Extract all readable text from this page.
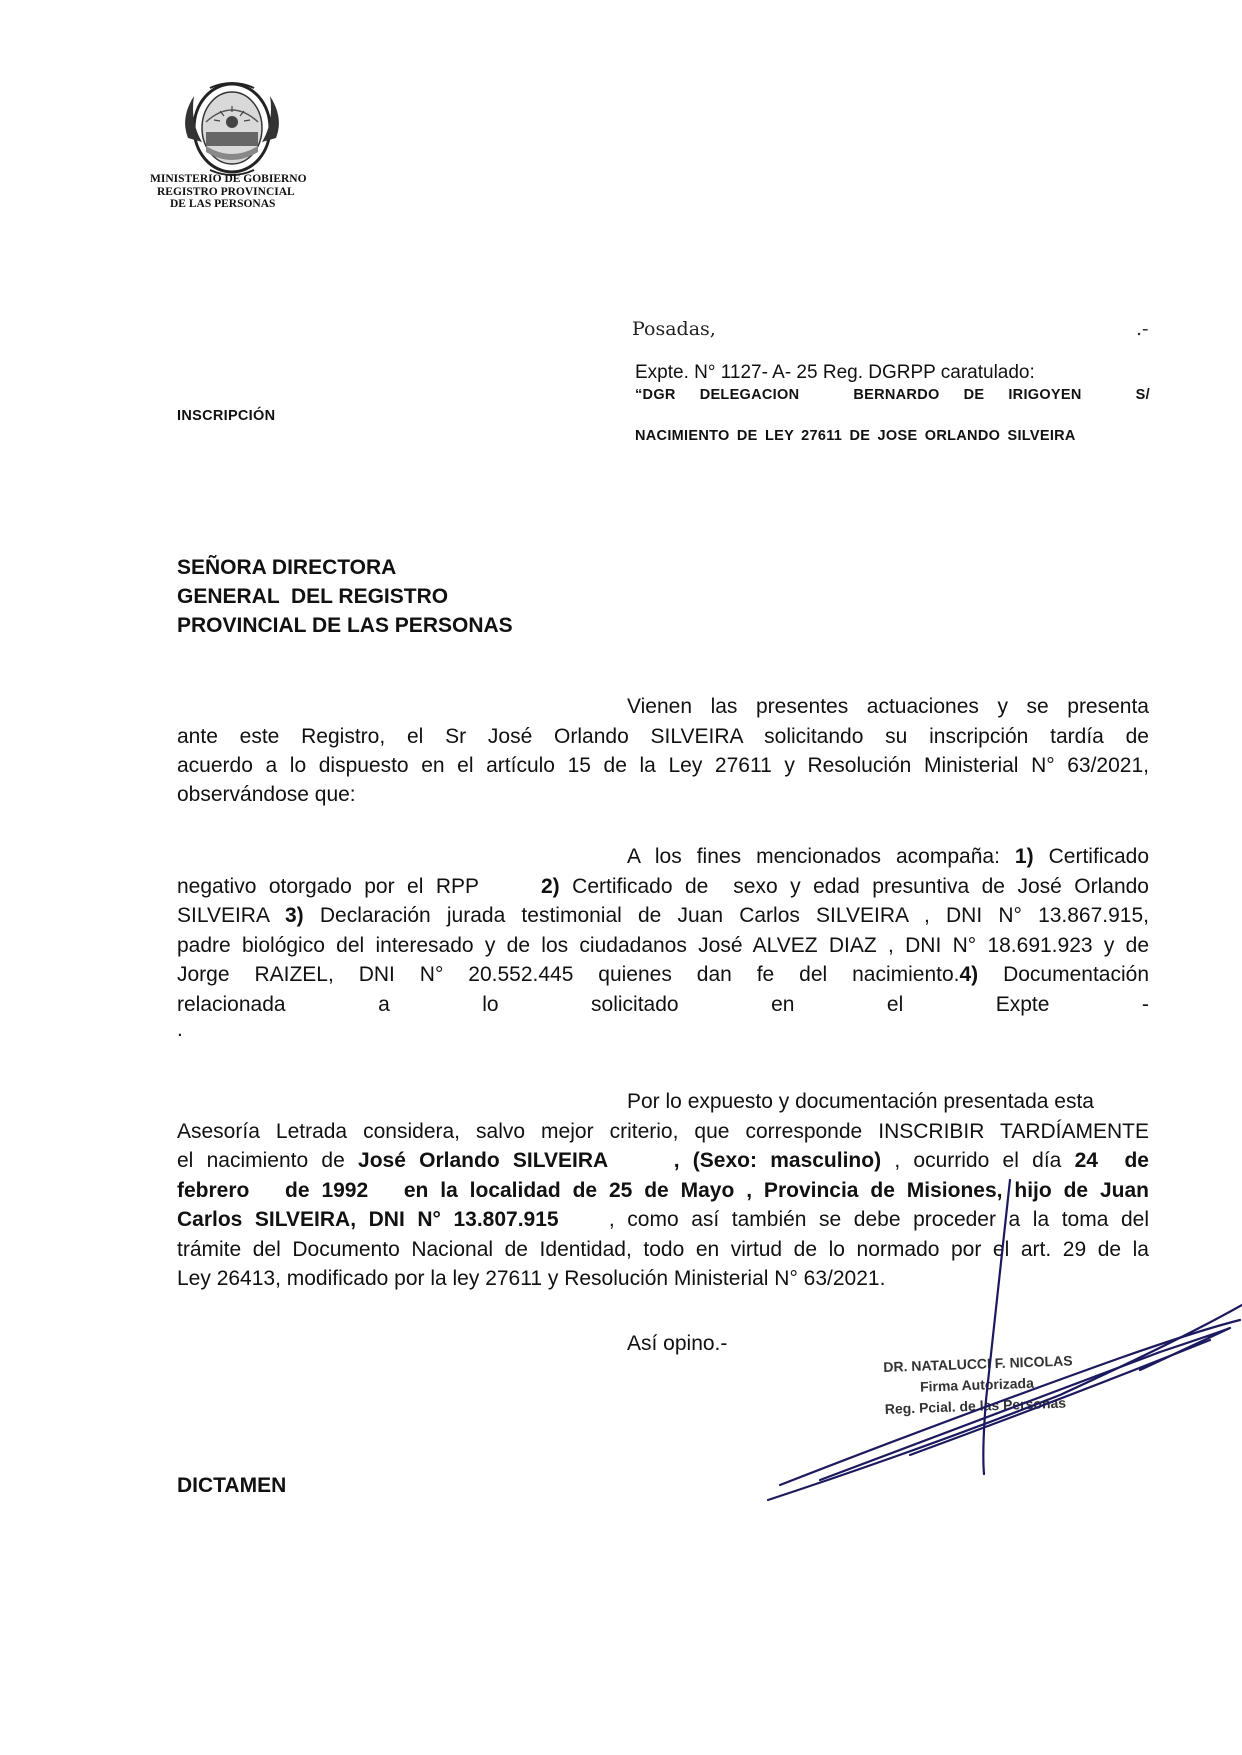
MINISTERIO DE GOBIERNO
REGISTRO PROVINCIAL
DE LAS PERSONAS
Posadas,	.-
Expte. N° 1127- A- 25 Reg. DGRPP caratulado:
“DGR DELEGACION	BERNARDO DE IRIGOYEN	S/
NACIMIENTO DE LEY 27611 DE JOSE ORLANDO SILVEIRA
INSCRIPCIÓN
SEÑORA DIRECTORA
GENERAL  DEL REGISTRO
PROVINCIAL DE LAS PERSONAS
Vienen las presentes actuaciones y se presenta
ante este Registro, el Sr José Orlando SILVEIRA solicitando su inscripción tardía de
acuerdo a lo dispuesto en el artículo 15 de la Ley 27611 y Resolución Ministerial N° 63/2021,
observándose que:
A los fines mencionados acompaña: 1) Certificado
negativo otorgado por el RPP     2) Certificado de  sexo y edad presuntiva de José Orlando
SILVEIRA 3) Declaración jurada testimonial de Juan Carlos SILVEIRA , DNI N° 13.867.915,
padre biológico del interesado y de los ciudadanos José ALVEZ DIAZ , DNI N° 18.691.923 y de
Jorge  RAIZEL,  DNI  N°  20.552.445  quienes  dan  fe  del  nacimiento.4)  Documentación
relacionada	a	lo	solicitado	en	el	Expte	-
.
Por lo expuesto y documentación presentada esta
Asesoría Letrada considera, salvo mejor criterio, que corresponde INSCRIBIR TARDÍAMENTE
el nacimiento de José Orlando SILVEIRA     , (Sexo: masculino) , ocurrido el día 24  de
febrero   de 1992   en la localidad de 25 de Mayo , Provincia de Misiones, hijo de Juan
Carlos SILVEIRA, DNI N° 13.807.915    , como así también se debe proceder a la toma del
trámite del Documento Nacional de Identidad, todo en virtud de lo normado por el art. 29 de la
Ley 26413, modificado por la ley 27611 y Resolución Ministerial N° 63/2021.
Así opino.-
DR. NATALUCCI F. NICOLAS
Firma Autorizada
Reg. Pcial. de las Personas
DICTAMEN
